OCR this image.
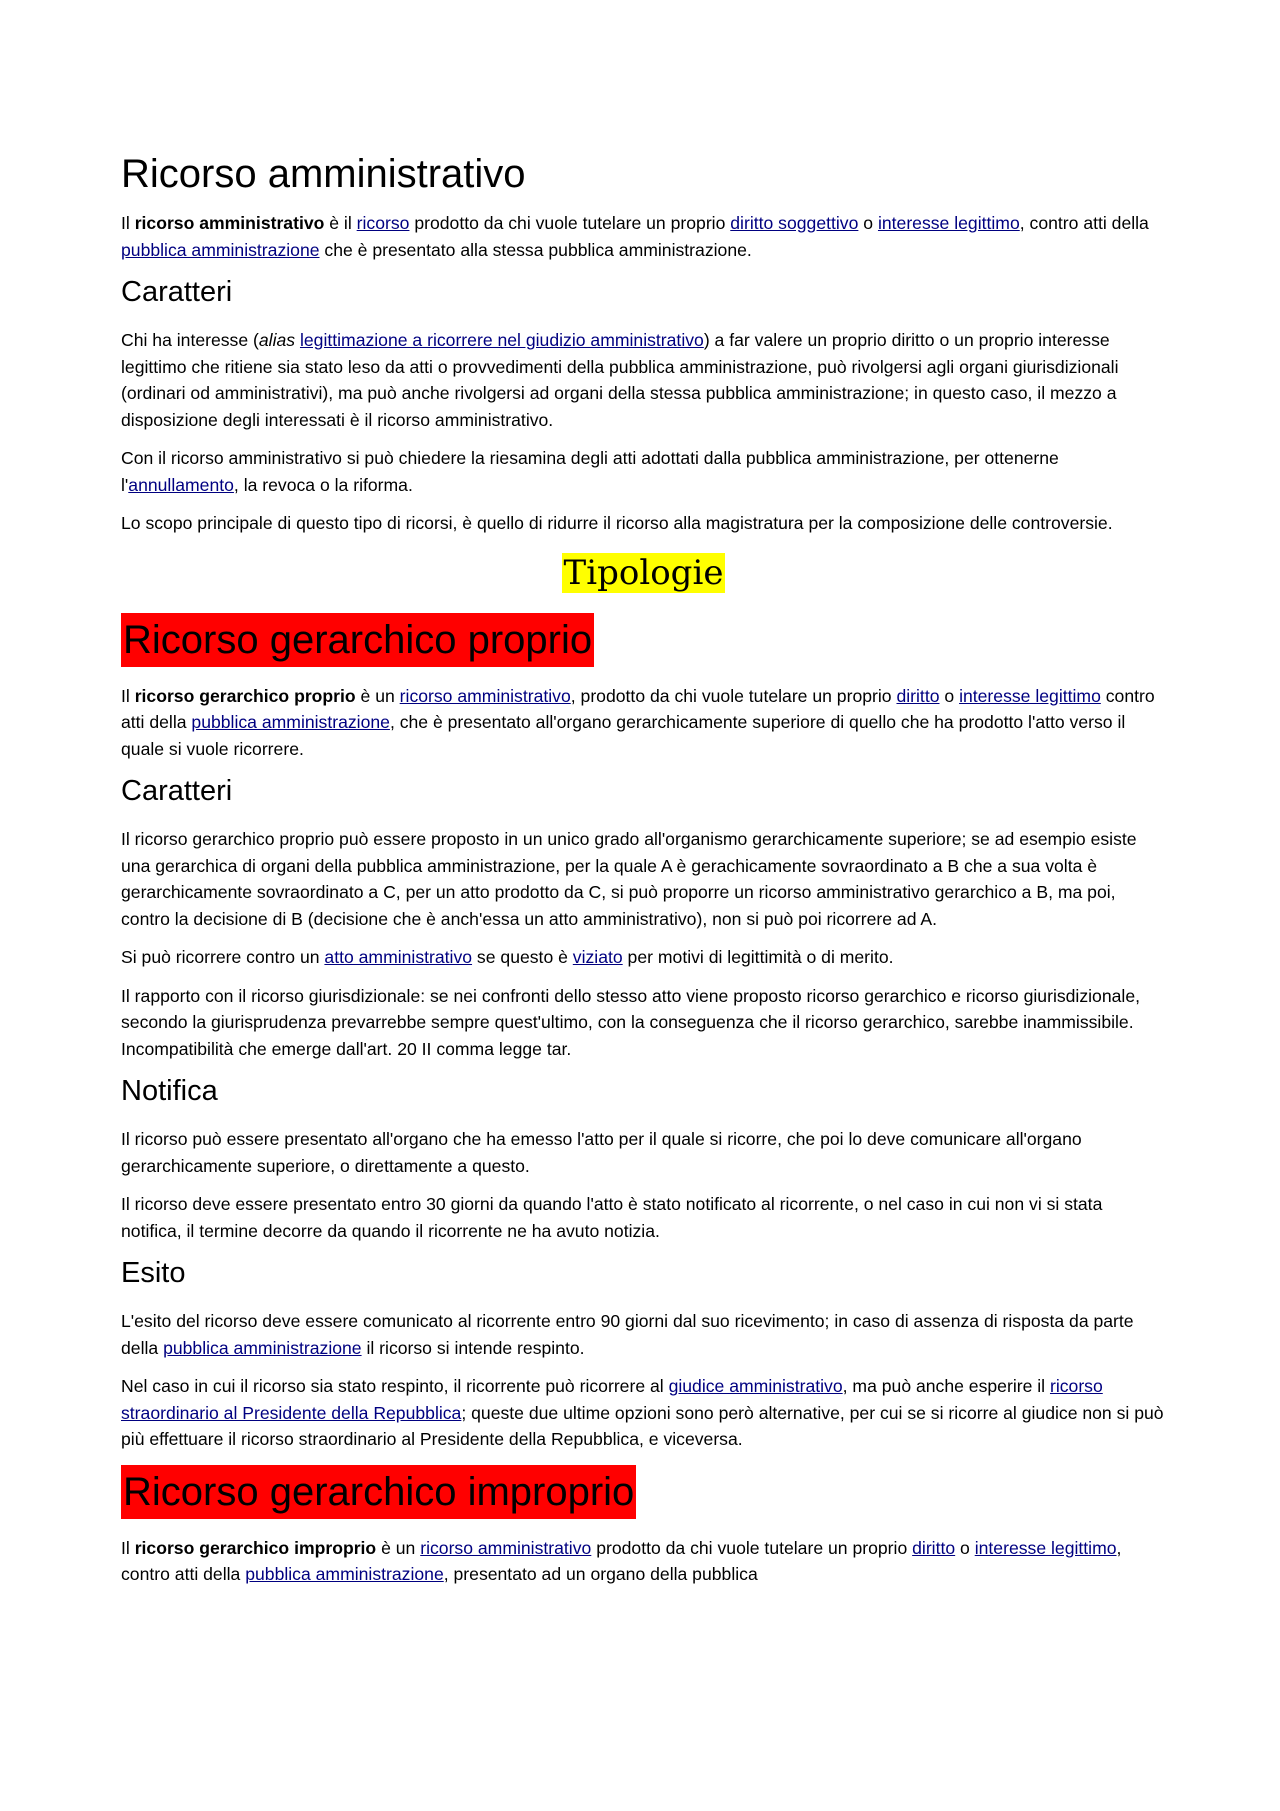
Ricorso amministrativo

Il ricorso amministrativo è il ricorso prodotto da chi vuole tutelare un proprio diritto soggettivo o interesse legittimo, contro atti della pubblica amministrazione che è presentato alla stessa pubblica amministrazione.

Caratteri

Chi ha interesse (alias legittimazione a ricorrere nel giudizio amministrativo) a far valere un proprio diritto o un proprio interesse legittimo che ritiene sia stato leso da atti o provvedimenti della pubblica amministrazione, può rivolgersi agli organi giurisdizionali (ordinari od amministrativi), ma può anche rivolgersi ad organi della stessa pubblica amministrazione; in questo caso, il mezzo a disposizione degli interessati è il ricorso amministrativo.

Con il ricorso amministrativo si può chiedere la riesamina degli atti adottati dalla pubblica amministrazione, per ottenerne l'annullamento, la revoca o la riforma.

Lo scopo principale di questo tipo di ricorsi, è quello di ridurre il ricorso alla magistratura per la composizione delle controversie.

Tipologie
Ricorso gerarchico proprio

Il ricorso gerarchico proprio è un ricorso amministrativo, prodotto da chi vuole tutelare un proprio diritto o interesse legittimo contro atti della pubblica amministrazione, che è presentato all'organo gerarchicamente superiore di quello che ha prodotto l'atto verso il quale si vuole ricorrere.

Caratteri

Il ricorso gerarchico proprio può essere proposto in un unico grado all'organismo gerarchicamente superiore; se ad esempio esiste una gerarchica di organi della pubblica amministrazione, per la quale A è gerachicamente sovraordinato a B che a sua volta è gerarchicamente sovraordinato a C, per un atto prodotto da C, si può proporre un ricorso amministrativo gerarchico a B, ma poi, contro la decisione di B (decisione che è anch'essa un atto amministrativo), non si può poi ricorrere ad A.

Si può ricorrere contro un atto amministrativo se questo è viziato per motivi di legittimità o di merito.

Il rapporto con il ricorso giurisdizionale: se nei confronti dello stesso atto viene proposto ricorso gerarchico e ricorso giurisdizionale, secondo la giurisprudenza prevarrebbe sempre quest'ultimo, con la conseguenza che il ricorso gerarchico, sarebbe inammissibile. Incompatibilità che emerge dall'art. 20 II comma legge tar.

Notifica

Il ricorso può essere presentato all'organo che ha emesso l'atto per il quale si ricorre, che poi lo deve comunicare all'organo gerarchicamente superiore, o direttamente a questo.

Il ricorso deve essere presentato entro 30 giorni da quando l'atto è stato notificato al ricorrente, o nel caso in cui non vi si stata notifica, il termine decorre da quando il ricorrente ne ha avuto notizia.

Esito

L'esito del ricorso deve essere comunicato al ricorrente entro 90 giorni dal suo ricevimento; in caso di assenza di risposta da parte della pubblica amministrazione il ricorso si intende respinto.

Nel caso in cui il ricorso sia stato respinto, il ricorrente può ricorrere al giudice amministrativo, ma può anche esperire il ricorso straordinario al Presidente della Repubblica; queste due ultime opzioni sono però alternative, per cui se si ricorre al giudice non si può più effettuare il ricorso straordinario al Presidente della Repubblica, e viceversa.

Ricorso gerarchico improprio

Il ricorso gerarchico improprio è un ricorso amministrativo prodotto da chi vuole tutelare un proprio diritto o interesse legittimo, contro atti della pubblica amministrazione, presentato ad un organo della pubblica
